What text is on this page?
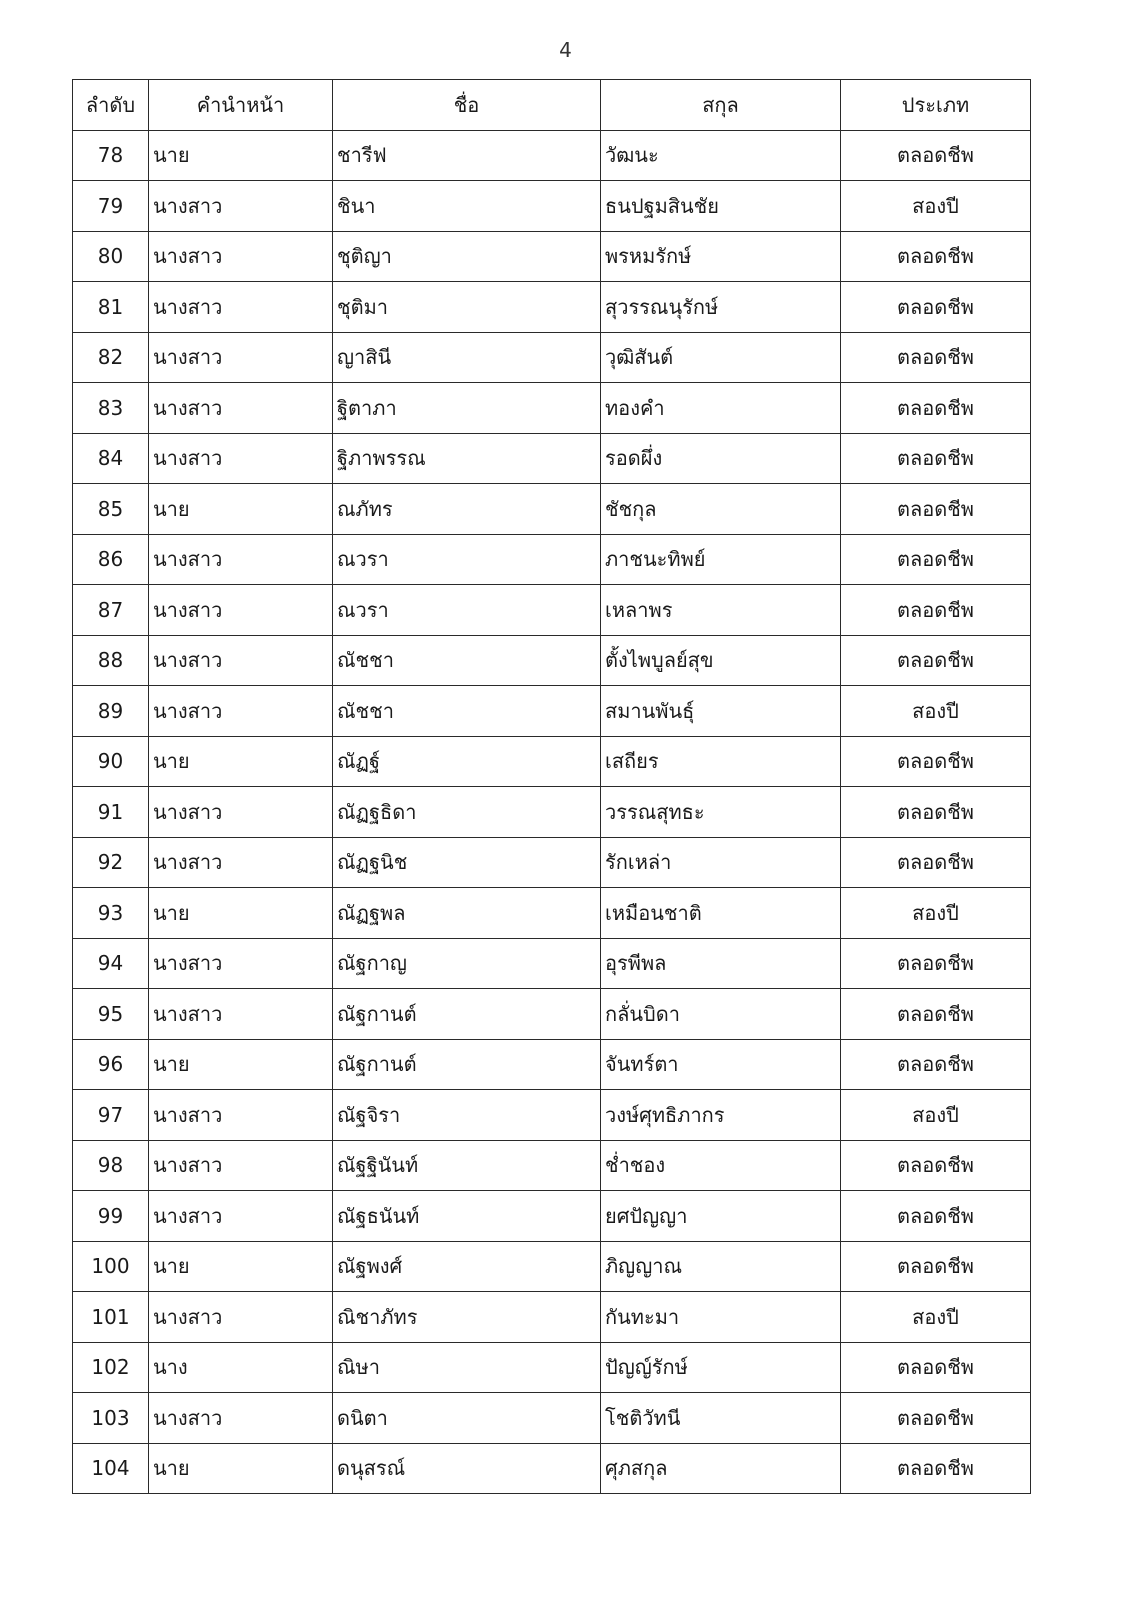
4
ลำดับ	คำนำหน้า	ชื่อ	สกุล	ประเภท
78	นาย	ชารีฟ	วัฒนะ	ตลอดชีพ
79	นางสาว	ชินา	ธนปฐมสินชัย	สองปี
80	นางสาว	ชุติญา	พรหมรักษ์	ตลอดชีพ
81	นางสาว	ชุติมา	สุวรรณนุรักษ์	ตลอดชีพ
82	นางสาว	ญาสินี	วุฒิสันต์	ตลอดชีพ
83	นางสาว	ฐิตาภา	ทองคำ	ตลอดชีพ
84	นางสาว	ฐิภาพรรณ	รอดผึ่ง	ตลอดชีพ
85	นาย	ณภัทร	ชัชกุล	ตลอดชีพ
86	นางสาว	ณวรา	ภาชนะทิพย์	ตลอดชีพ
87	นางสาว	ณวรา	เหลาพร	ตลอดชีพ
88	นางสาว	ณัชชา	ตั้งไพบูลย์สุข	ตลอดชีพ
89	นางสาว	ณัชชา	สมานพันธุ์	สองปี
90	นาย	ณัฏฐ์	เสถียร	ตลอดชีพ
91	นางสาว	ณัฏฐธิดา	วรรณสุทธะ	ตลอดชีพ
92	นางสาว	ณัฏฐนิช	รักเหล่า	ตลอดชีพ
93	นาย	ณัฏฐพล	เหมือนชาติ	สองปี
94	นางสาว	ณัฐกาญ	อุรพีพล	ตลอดชีพ
95	นางสาว	ณัฐกานต์	กลั่นบิดา	ตลอดชีพ
96	นาย	ณัฐกานต์	จันทร์ตา	ตลอดชีพ
97	นางสาว	ณัฐจิรา	วงษ์ศุทธิภากร	สองปี
98	นางสาว	ณัฐฐินันท์	ช่ำชอง	ตลอดชีพ
99	นางสาว	ณัฐธนันท์	ยศปัญญา	ตลอดชีพ
100	นาย	ณัฐพงศ์	ภิญญาณ	ตลอดชีพ
101	นางสาว	ณิชาภัทร	กันทะมา	สองปี
102	นาง	ณิษา	ปัญญ์รักษ์	ตลอดชีพ
103	นางสาว	ดนิตา	โชติวัทนี	ตลอดชีพ
104	นาย	ดนุสรณ์	ศุภสกุล	ตลอดชีพ
